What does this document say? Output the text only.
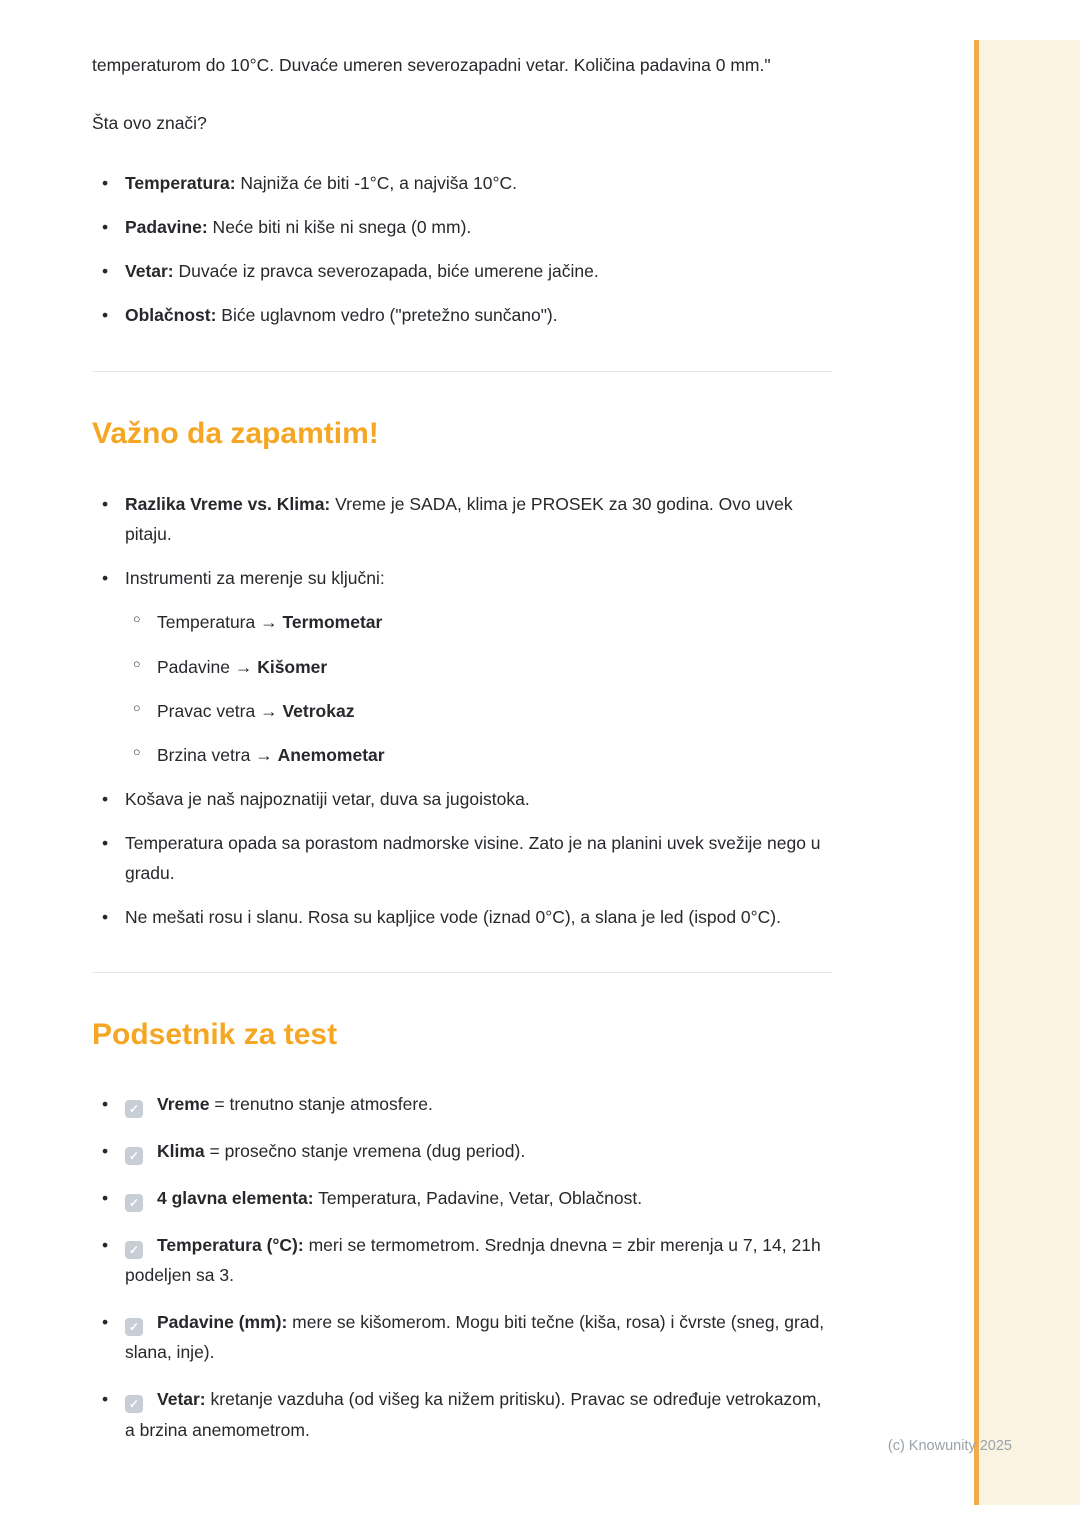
temperaturom do 10°C. Duvaće umeren severozapadni vetar. Količina padavina 0 mm."

Šta ovo znači?

• Temperatura: Najniža će biti -1°C, a najviša 10°C.
• Padavine: Neće biti ni kiše ni snega (0 mm).
• Vetar: Duvaće iz pravca severozapada, biće umerene jačine.
• Oblačnost: Biće uglavnom vedro ("pretežno sunčano").
Važno da zapamtim!
• Razlika Vreme vs. Klima: Vreme je SADA, klima je PROSEK za 30 godina. Ovo uvek pitaju.
• Instrumenti za merenje su ključni:
○ Temperatura → Termometar
○ Padavine → Kišomer
○ Pravac vetra → Vetrokaz
○ Brzina vetra → Anemometar
• Košava je naš najpoznatiji vetar, duva sa jugoistoka.
• Temperatura opada sa porastom nadmorske visine. Zato je na planini uvek svežije nego u gradu.
• Ne mešati rosu i slanu. Rosa su kapljice vode (iznad 0°C), a slana je led (ispod 0°C).
Podsetnik za test
• ✓ Vreme = trenutno stanje atmosfere.
• ✓ Klima = prosečno stanje vremena (dug period).
• ✓ 4 glavna elementa: Temperatura, Padavine, Vetar, Oblačnost.
• ✓ Temperatura (°C): meri se termometrom. Srednja dnevna = zbir merenja u 7, 14, 21h podeljen sa 3.
• ✓ Padavine (mm): mere se kišomerom. Mogu biti tečne (kiša, rosa) i čvrste (sneg, grad, slana, inje).
• ✓ Vetar: kretanje vazduha (od višeg ka nižem pritisku). Pravac se određuje vetrokazom, a brzina anemometrom.
(c) Knowunity 2025
